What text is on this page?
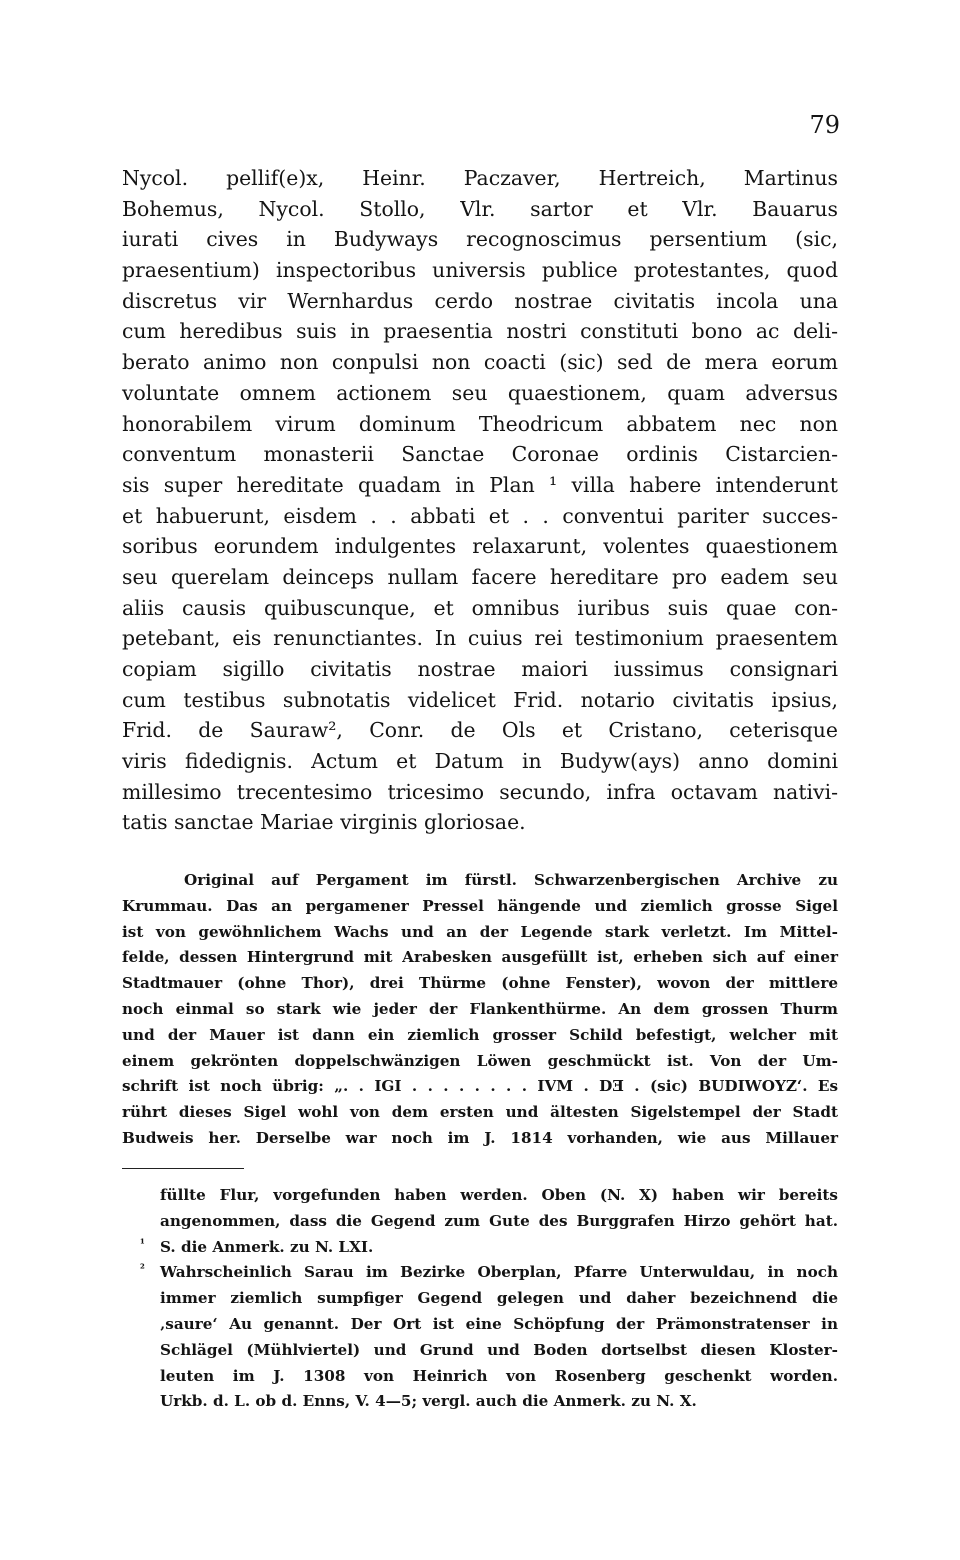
79
Nycol. pellif(e)x, Heinr. Paczaver, Hertreich, Martinus
Bohemus, Nycol. Stollo, Vlr. sartor et Vlr. Bauarus
iurati cives in Budyways recognoscimus persentium (sic,
praesentium) inspectoribus universis publice protestantes, quod
discretus vir Wernhardus cerdo nostrae civitatis incola una
cum heredibus suis in praesentia nostri constituti bono ac deli-
berato animo non conpulsi non coacti (sic) sed de mera eorum
voluntate omnem actionem seu quaestionem, quam adversus
honorabilem virum dominum Theodricum abbatem nec non
conventum monasterii Sanctae Coronae ordinis Cistarcien-
sis super hereditate quadam in Plan ¹ villa habere intenderunt
et habuerunt, eisdem . . abbati et . . conventui pariter succes-
soribus eorundem indulgentes relaxarunt, volentes quaestionem
seu querelam deinceps nullam facere hereditare pro eadem seu
aliis causis quibuscunque, et omnibus iuribus suis quae con-
petebant, eis renunctiantes. In cuius rei testimonium praesentem
copiam sigillo civitatis nostrae maiori iussimus consignari
cum testibus subnotatis videlicet Frid. notario civitatis ipsius,
Frid. de Sauraw², Conr. de Ols et Cristano, ceterisque
viris fidedignis. Actum et Datum in Budyw(ays) anno domini
millesimo trecentesimo tricesimo secundo, infra octavam nativi-
tatis sanctae Mariae virginis gloriosae.
Original auf Pergament im fürstl. Schwarzenbergischen Archive zu
Krummau. Das an pergamener Pressel hängende und ziemlich grosse Sigel
ist von gewöhnlichem Wachs und an der Legende stark verletzt. Im Mittel-
felde, dessen Hintergrund mit Arabesken ausgefüllt ist, erheben sich auf einer
Stadtmauer (ohne Thor), drei Thürme (ohne Fenster), wovon der mittlere
noch einmal so stark wie jeder der Flankenthürme. An dem grossen Thurm
und der Mauer ist dann ein ziemlich grosser Schild befestigt, welcher mit
einem gekrönten doppelschwänzigen Löwen geschmückt ist. Von der Um-
schrift ist noch übrig: „. . IGI . . . . . . . . IVM . DƎ . (sic) BUDIWOYZ‘. Es
rührt dieses Sigel wohl von dem ersten und ältesten Sigelstempel der Stadt
Budweis her. Derselbe war noch im J. 1814 vorhanden, wie aus Millauer
füllte Flur, vorgefunden haben werden. Oben (N. X) haben wir bereits
angenommen, dass die Gegend zum Gute des Burggrafen Hirzo gehört hat.
¹ S. die Anmerk. zu N. LXI.
² Wahrscheinlich Sarau im Bezirke Oberplan, Pfarre Unterwuldau, in noch
immer ziemlich sumpfiger Gegend gelegen und daher bezeichnend die
‚saure‘ Au genannt. Der Ort ist eine Schöpfung der Prämonstratenser in
Schlägel (Mühlviertel) und Grund und Boden dortselbst diesen Kloster-
leuten im J. 1308 von Heinrich von Rosenberg geschenkt worden.
Urkb. d. L. ob d. Enns, V. 4—5; vergl. auch die Anmerk. zu N. X.
